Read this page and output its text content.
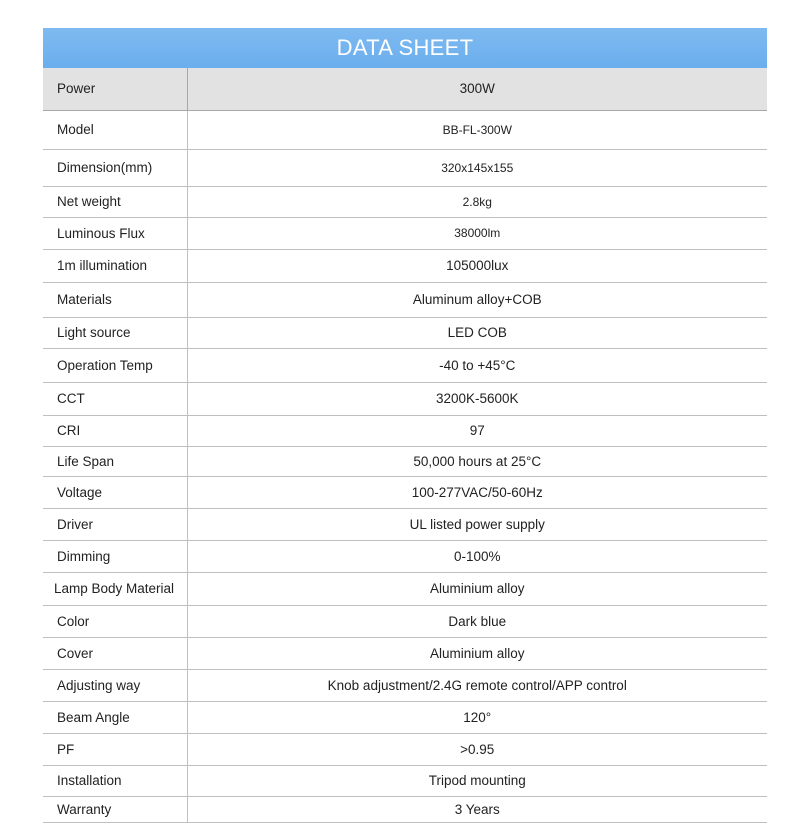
DATA SHEET
Power	300W
Model	BB-FL-300W
Dimension(mm)	320x145x155
Net weight	2.8kg
Luminous Flux	38000lm
1m illumination	105000lux
Materials	Aluminum alloy+COB
Light source	LED COB
Operation Temp	-40 to +45°C
CCT	3200K-5600K
CRI	97
Life Span	50,000 hours at 25°C
Voltage	100-277VAC/50-60Hz
Driver	UL listed power supply
Dimming	0-100%
Lamp Body Material	Aluminium alloy
Color	Dark blue
Cover	Aluminium alloy
Adjusting way	Knob adjustment/2.4G remote control/APP control
Beam Angle	120°
PF	>0.95
Installation	Tripod mounting
Warranty	3 Years
